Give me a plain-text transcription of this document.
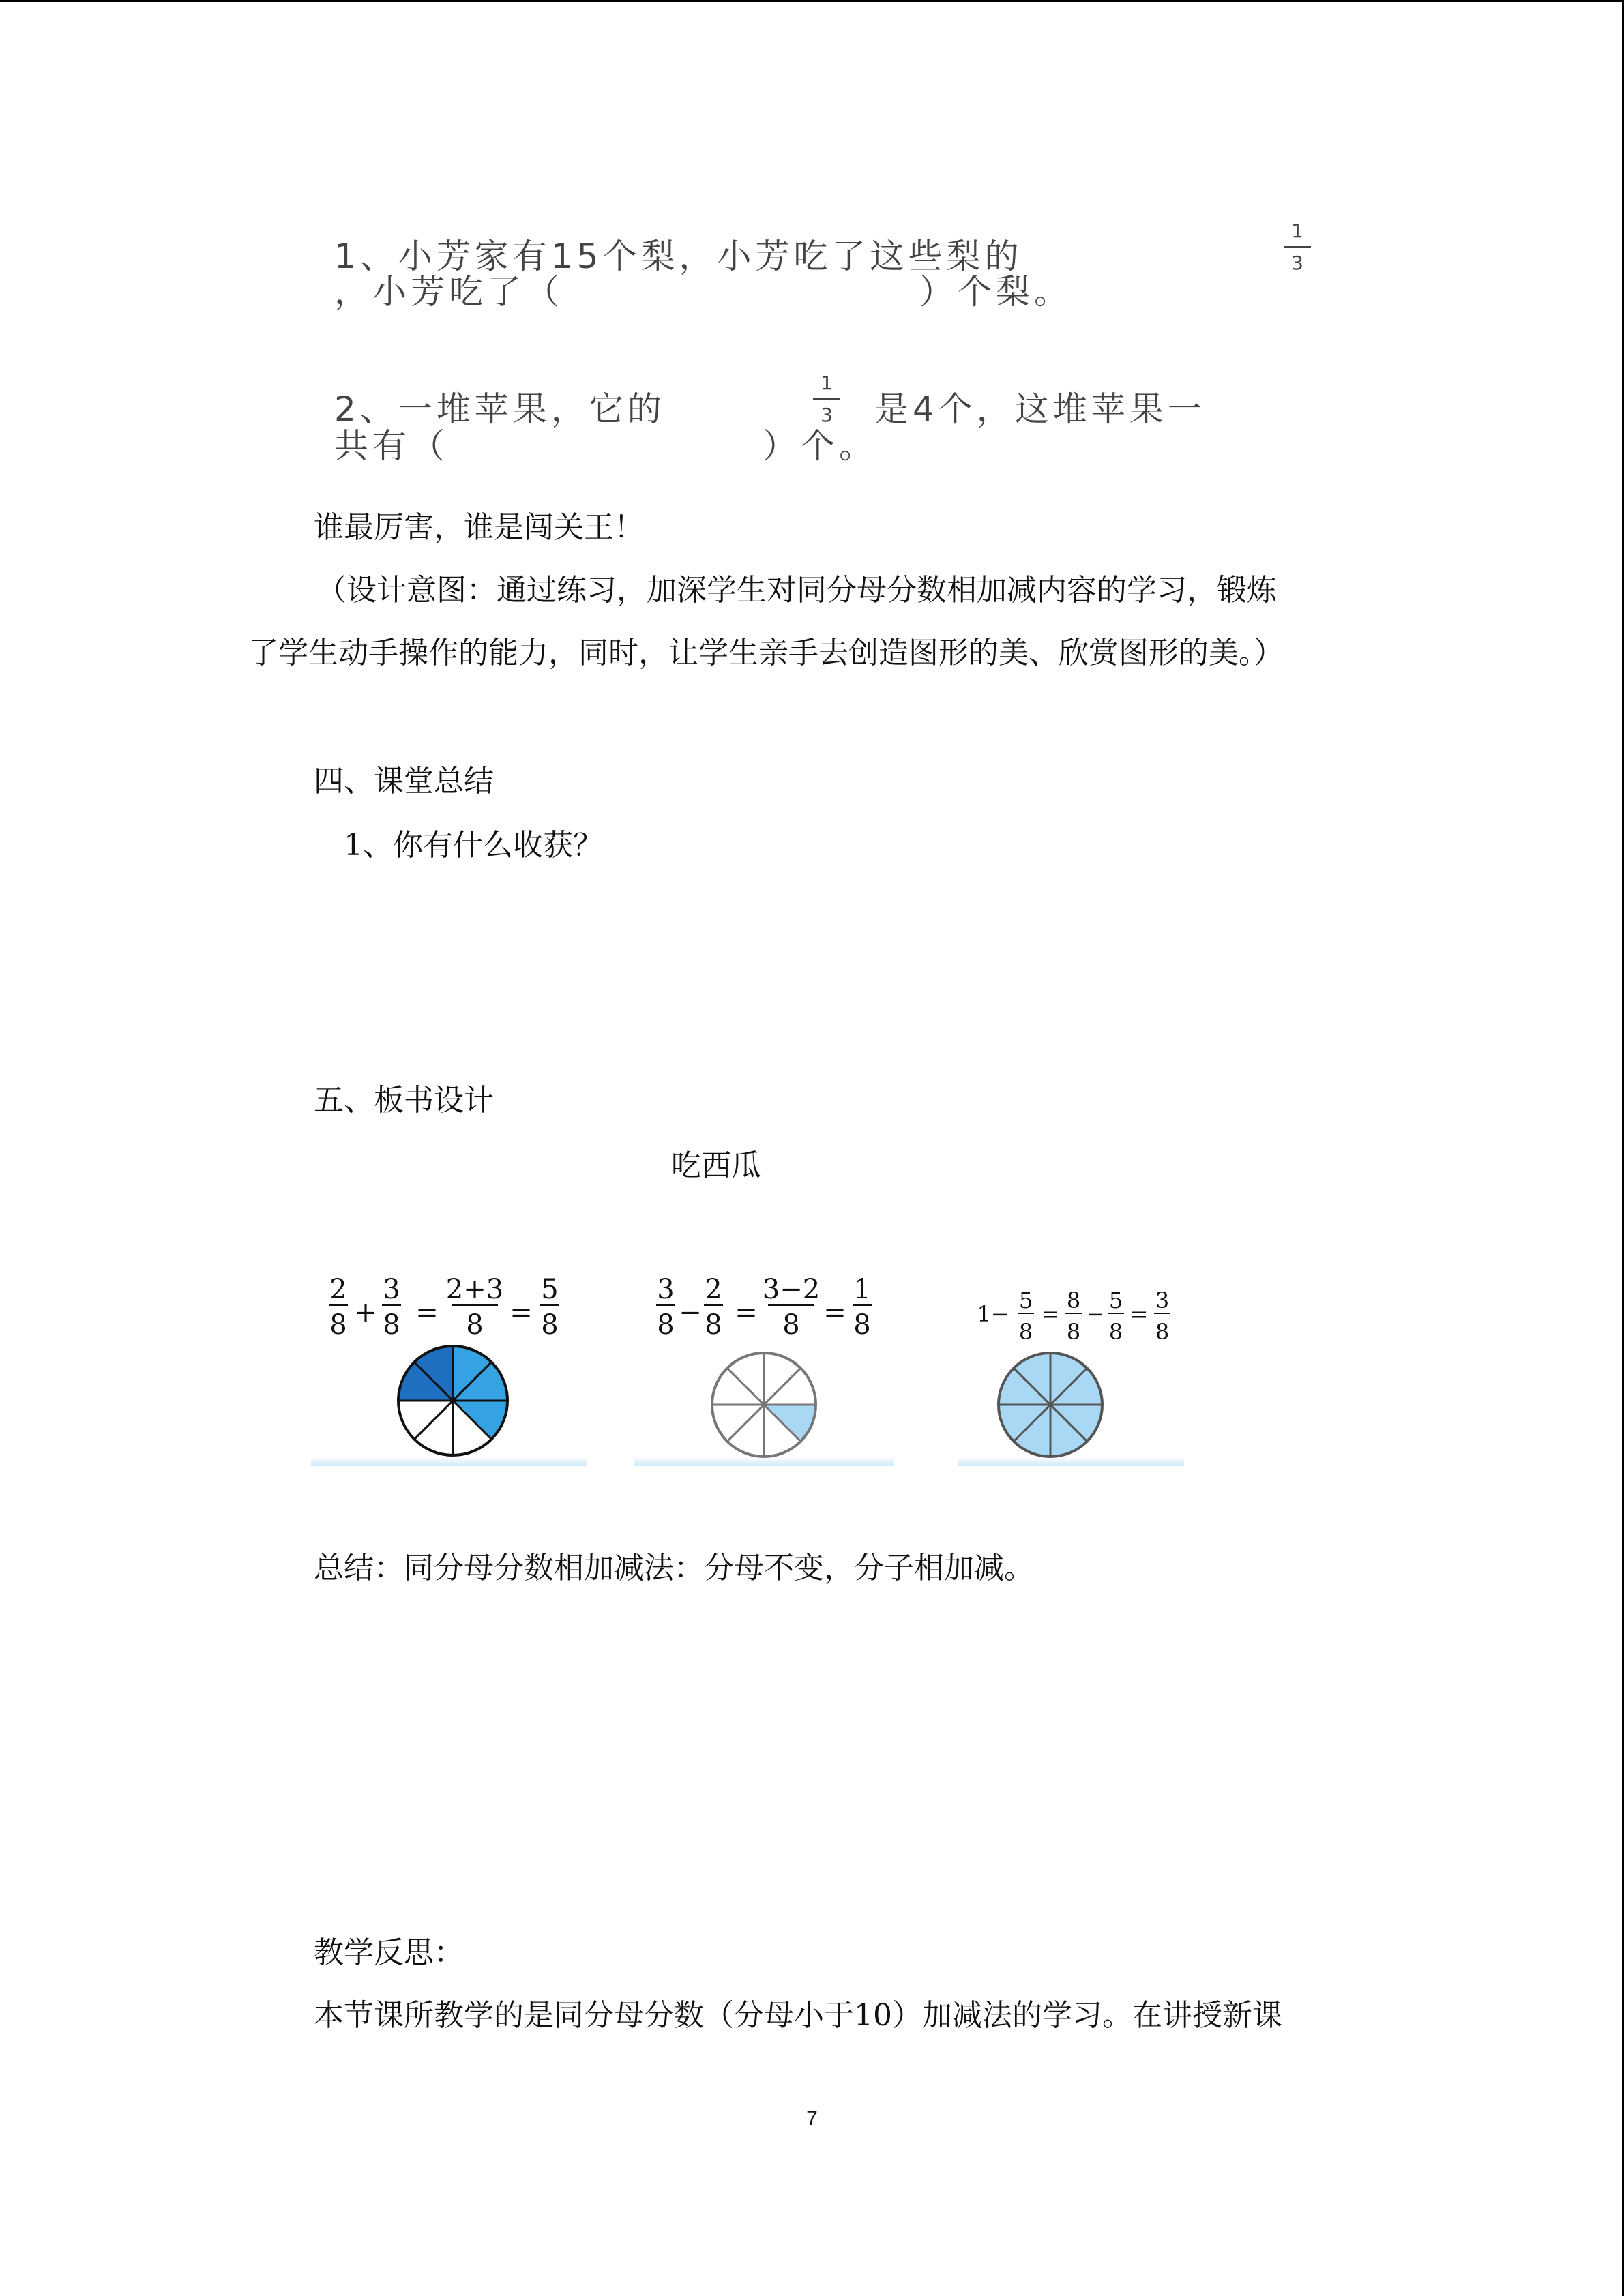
1、小芳家有15个梨，小芳吃了这些梨的
1
3
，小芳吃了（	）个梨。
2、一堆苹果，它的
1
3 是4个，这堆苹果一
共有（	）个。
谁最厉害，谁是闯关王！
（设计意图：通过练习，加深学生对同分母分数相加减内容的学习，锻炼
了学生动手操作的能力，同时，让学生亲手去创造图形的美、欣赏图形的美。）
四、课堂总结
1、你有什么收获？
五、板书设计
吃西瓜
2
8 +
3
8 =
2+3
8 =
5
8
3
8 −
2
8 =
3−2
8 =
1
8	1−
5
8
=
8
8
−
5
8
=
3
8
总结：同分母分数相加减法：分母不变，分子相加减。
教学反思：
本节课所教学的是同分母分数（分母小于10）加减法的学习。在讲授新课
7
